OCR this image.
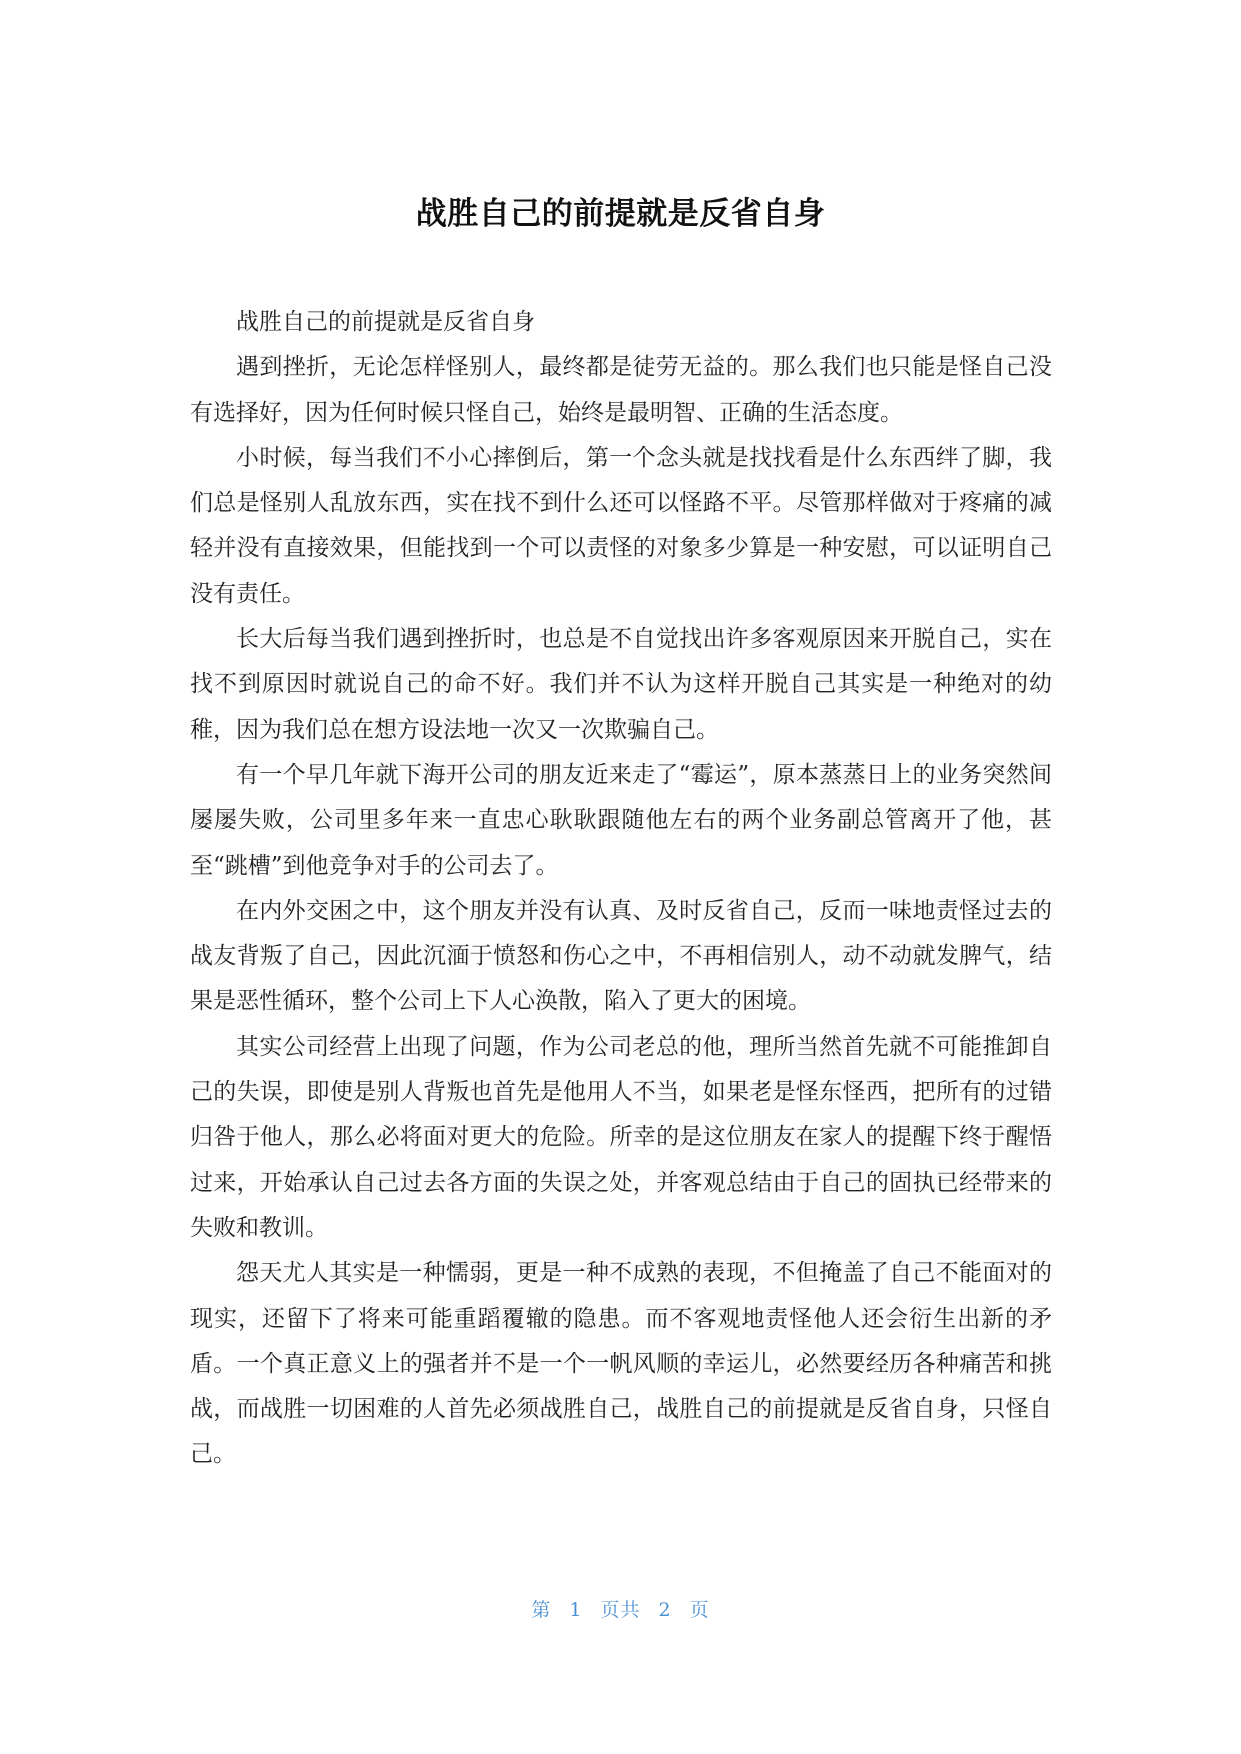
战胜自己的前提就是反省自身

战胜自己的前提就是反省自身

遇到挫折，无论怎样怪别人，最终都是徒劳无益的。那么我们也只能是怪自己没有选择好，因为任何时候只怪自己，始终是最明智、正确的生活态度。

小时候，每当我们不小心摔倒后，第一个念头就是找找看是什么东西绊了脚，我们总是怪别人乱放东西，实在找不到什么还可以怪路不平。尽管那样做对于疼痛的减轻并没有直接效果，但能找到一个可以责怪的对象多少算是一种安慰，可以证明自己没有责任。

长大后每当我们遇到挫折时，也总是不自觉找出许多客观原因来开脱自己，实在找不到原因时就说自己的命不好。我们并不认为这样开脱自己其实是一种绝对的幼稚，因为我们总在想方设法地一次又一次欺骗自己。

有一个早几年就下海开公司的朋友近来走了“霉运”，原本蒸蒸日上的业务突然间屡屡失败，公司里多年来一直忠心耿耿跟随他左右的两个业务副总管离开了他，甚至“跳槽”到他竞争对手的公司去了。

在内外交困之中，这个朋友并没有认真、及时反省自己，反而一味地责怪过去的战友背叛了自己，因此沉湎于愤怒和伤心之中，不再相信别人，动不动就发脾气，结果是恶性循环，整个公司上下人心涣散，陷入了更大的困境。

其实公司经营上出现了问题，作为公司老总的他，理所当然首先就不可能推卸自己的失误，即使是别人背叛也首先是他用人不当，如果老是怪东怪西，把所有的过错归咎于他人，那么必将面对更大的危险。所幸的是这位朋友在家人的提醒下终于醒悟过来，开始承认自己过去各方面的失误之处，并客观总结由于自己的固执已经带来的失败和教训。

怨天尤人其实是一种懦弱，更是一种不成熟的表现，不但掩盖了自己不能面对的现实，还留下了将来可能重蹈覆辙的隐患。而不客观地责怪他人还会衍生出新的矛盾。一个真正意义上的强者并不是一个一帆风顺的幸运儿，必然要经历各种痛苦和挑战，而战胜一切困难的人首先必须战胜自己，战胜自己的前提就是反省自身，只怪自己。

第 1 页共 2 页
